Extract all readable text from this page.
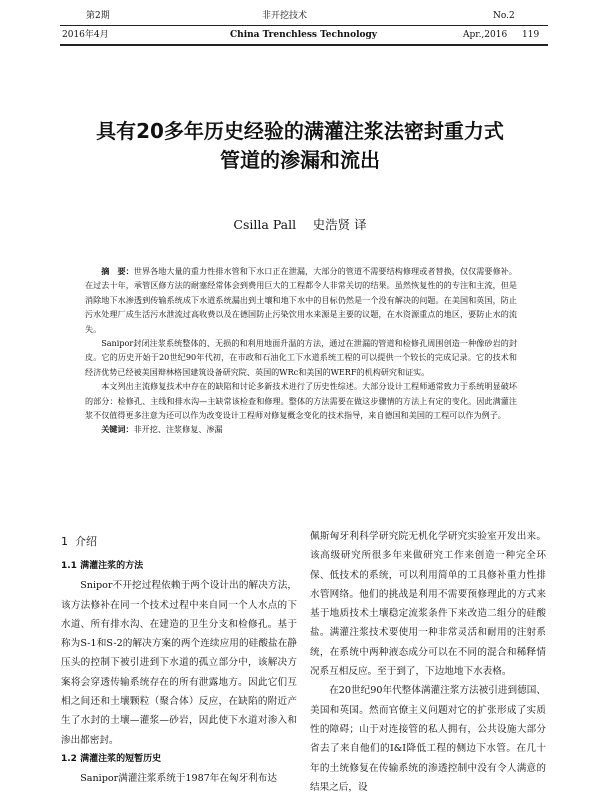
第2期	非开挖技术	No.2
2016年4月	China Trenchless Technology	Apr.,2016 119
具有20多年历史经验的满灌注浆法密封重力式
管道的渗漏和流出
Csilla Pall　 史浩贤 译

摘　要：世界各地大量的重力性排水管和下水口正在泄漏，大部分的管道不需要结构修理或者替换，仅仅需要修补。在过去十年，承管区修方法的耐塞经常体会到费用巨大的工程都令人非常关切的结果。虽然恢复性的的专注和主流，但是消除地下水渗透到传输系统成下水道系统漏出到土壤和地下水中的目标仍然是一个没有解决的问题。在美国和英国，防止污水处理厂成生活污水泄流过高收费以及在德国防止污染饮用水来源是主要的议题，在水资源重点的地区，要防止水的流失。

Sanipor封闭注浆系统整体的、无损的和利用地面升温的方法，通过在泄漏的管道和检修孔周围创造一种像砂岩的封皮。它的历史开始于20世纪90年代初，在市政和石油化工下水道系统工程的可以提供一个较长的完成记录。它的技术和经济优势已经被美国辩林格国建筑设备研究院、英国的WRc和美国的WERF的机构研究和证实。

本文列出主流修复技术中存在的缺陷和讨论多新技术进行了历史性综述。大部分设计工程师通常致力于系统明显破坏的部分：检修孔、主线和排水沟—主缺常该检查和修理。整体的方法需要在做这步骤情的方法上有定的变化。因此满灌注浆不仅值得更多注意为还可以作为改变设计工程师对修复概念变化的技术指导，来自德国和美国的工程可以作为例子。

关键词：非开挖、注浆修复、渗漏

1 介绍
1.1 满灌注浆的方法

Snipor不开挖过程依赖于两个设计出的解决方法，该方法修补在同一个技术过程中来自同一个人水点的下水道、所有排水沟、在建造的卫生分支和检修孔。基于称为S-1和S-2的解决方案的两个连续应用的硅酸盐在静压头的控制下被引进到下水道的孤立部分中，该解决方案将会穿透传输系统存在的所有泄露地方。因此它们互相之间还和土壤颗粒（聚合体）反应，在缺陷的附近产生了水封的土壤—灌浆—砂岩，因此使下水道对渗入和渗出都密封。

1.2 满灌注浆的短暂历史

Sanipor满灌注浆系统于1987年在匈牙利布达

佩斯匈牙利科学研究院无机化学研究实验室开发出来。该高级研究所很多年来做研究工作来创造一种完全环保、低技术的系统，可以利用简单的工具修补重力性排水管网络。他们的挑战是利用不需要预修理此的方式来基于地质技术土壤稳定流浆条件下来改造二组分的硅酸盐。满灌注浆技术要使用一种非常灵活和耐用的注射系统，在系统中两种液态成分可以在不同的混合和稀释情况系互相反应。至于到了，下边地地下水表格。

在20世纪90年代整体满灌注浆方法被引进到德国、美国和英国。然而官僚主义问题对它的扩张形成了实质性的障碍；山于对连接管的私人拥有，公共设施大部分省去了来自他们的I&I降低工程的侧边下水管。在几十年的土统修复在传输系统的渗透控制中没有令人满意的结果之后，设
